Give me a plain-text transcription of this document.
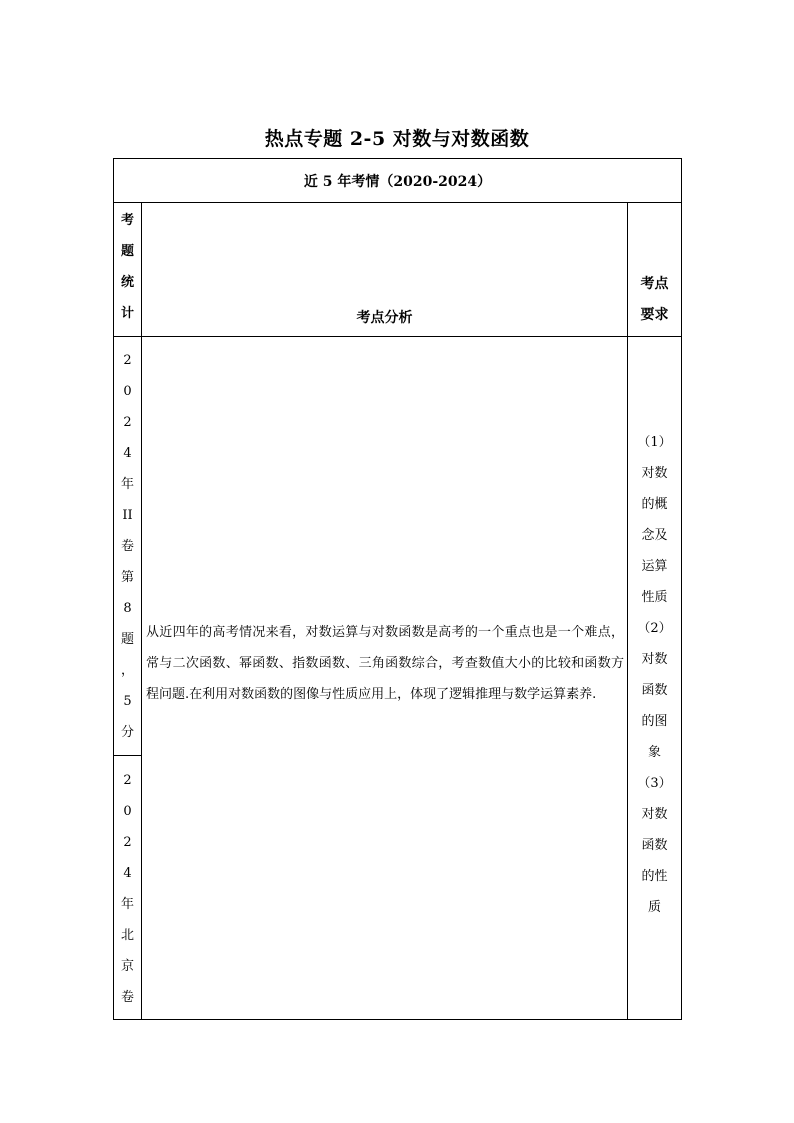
热点专题 2-5 对数与对数函数
近 5 年考情（2020-2024）
考
题
统
计	考点分析
考点
要求
2
0
2
4
年
II
卷
第
8
题
，
5
分
2
0
2
4
年
北
京
卷
从近四年的高考情况来看，对数运算与对数函数是高考的一个重点也是一个难点，常与二次函数、幂函数、指数函数、三角函数综合，考查数值大小的比较和函数方程问题.在利用对数函数的图像与性质应用上，体现了逻辑推理与数学运算素养.
（1）
对数
的概
念及
运算
性质
（2）
对数
函数
的图
象
（3）
对数
函数
的性
质
